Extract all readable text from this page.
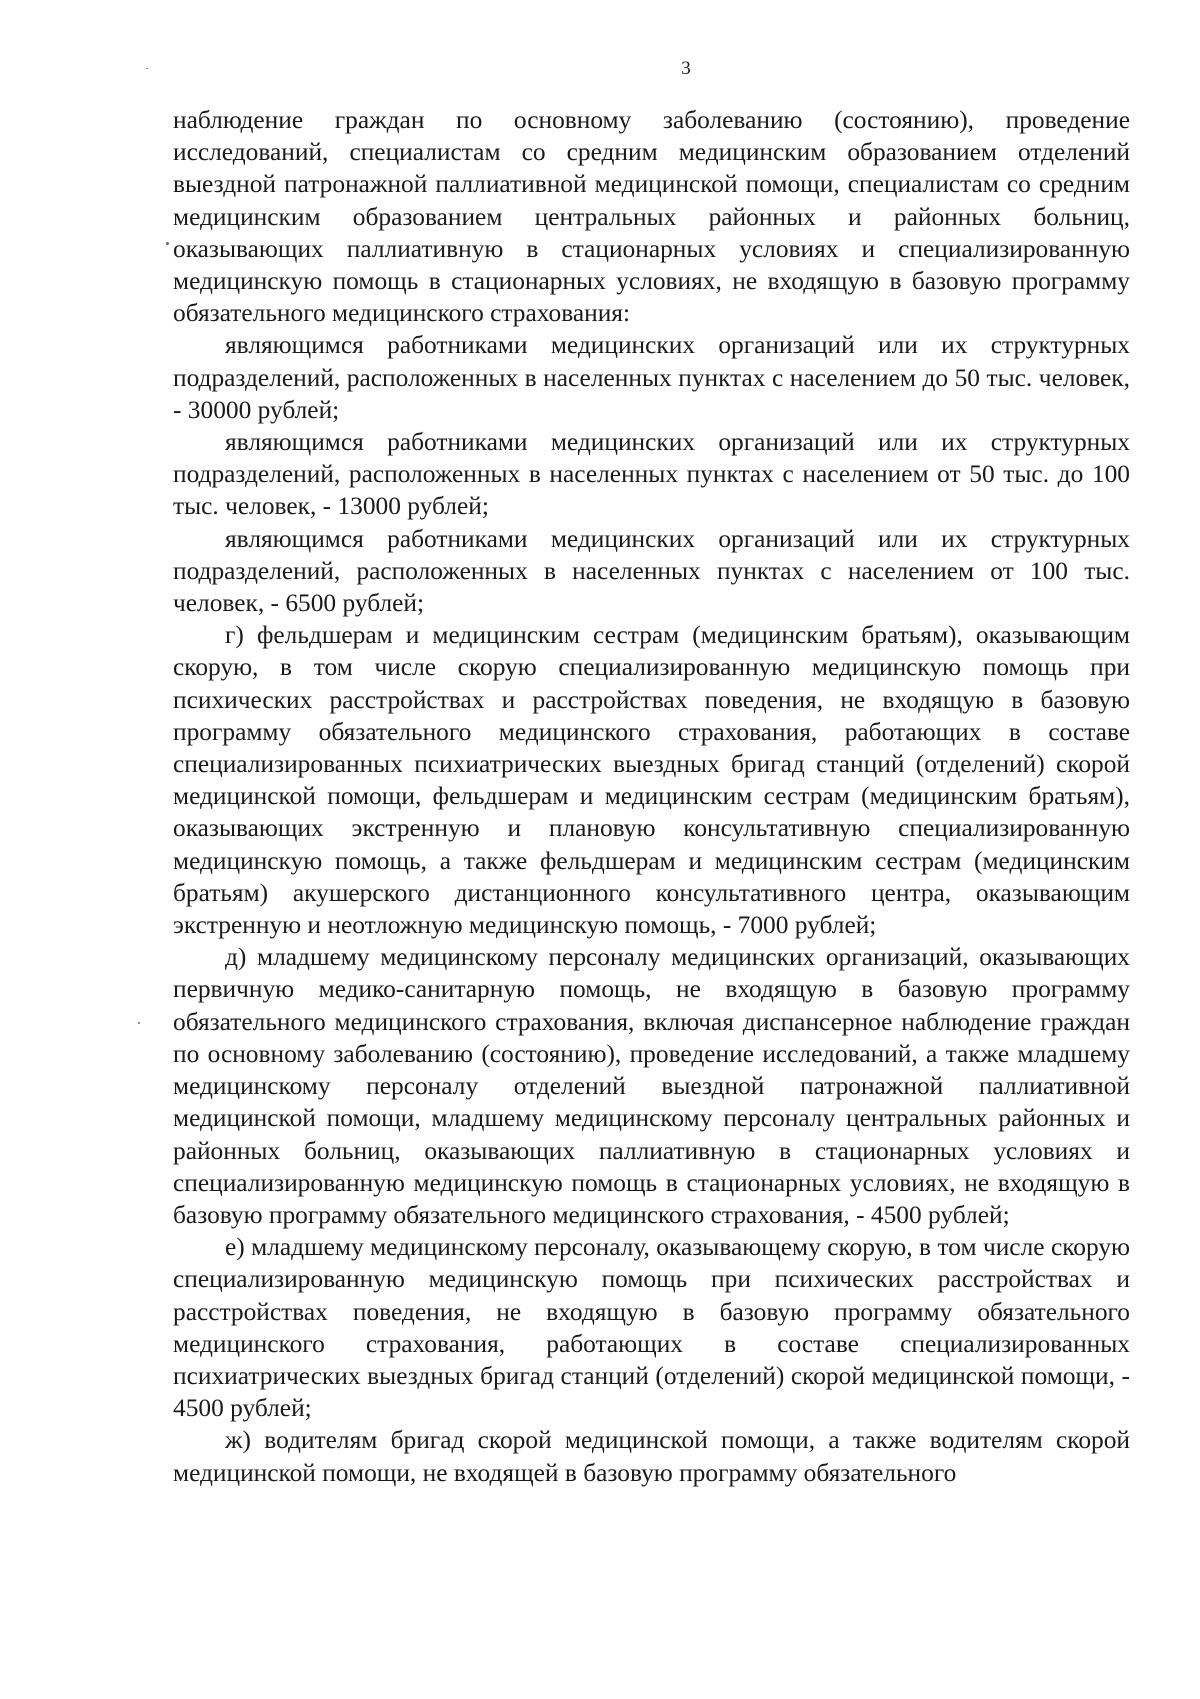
3

наблюдение граждан по основному заболеванию (состоянию), проведение исследований, специалистам со средним медицинским образованием отделений выездной патронажной паллиативной медицинской помощи, специалистам со средним медицинским образованием центральных районных и районных больниц, оказывающих паллиативную в стационарных условиях и специализированную медицинскую помощь в стационарных условиях, не входящую в базовую программу обязательного медицинского страхования:

являющимся работниками медицинских организаций или их структурных подразделений, расположенных в населенных пунктах с населением до 50 тыс. человек, - 30000 рублей;

являющимся работниками медицинских организаций или их структурных подразделений, расположенных в населенных пунктах с населением от 50 тыс. до 100 тыс. человек, - 13000 рублей;

являющимся работниками медицинских организаций или их структурных подразделений, расположенных в населенных пунктах с населением от 100 тыс. человек, - 6500 рублей;

г) фельдшерам и медицинским сестрам (медицинским братьям), оказывающим скорую, в том числе скорую специализированную медицинскую помощь при психических расстройствах и расстройствах поведения, не входящую в базовую программу обязательного медицинского страхования, работающих в составе специализированных психиатрических выездных бригад станций (отделений) скорой медицинской помощи, фельдшерам и медицинским сестрам (медицинским братьям), оказывающих экстренную и плановую консультативную специализированную медицинскую помощь, а также фельдшерам и медицинским сестрам (медицинским братьям) акушерского дистанционного консультативного центра, оказывающим экстренную и неотложную медицинскую помощь, - 7000 рублей;

д) младшему медицинскому персоналу медицинских организаций, оказывающих первичную медико-санитарную помощь, не входящую в базовую программу обязательного медицинского страхования, включая диспансерное наблюдение граждан по основному заболеванию (состоянию), проведение исследований, а также младшему медицинскому персоналу отделений выездной патронажной паллиативной медицинской помощи, младшему медицинскому персоналу центральных районных и районных больниц, оказывающих паллиативную в стационарных условиях и специализированную медицинскую помощь в стационарных условиях, не входящую в базовую программу обязательного медицинского страхования, - 4500 рублей;

е) младшему медицинскому персоналу, оказывающему скорую, в том числе скорую специализированную медицинскую помощь при психических расстройствах и расстройствах поведения, не входящую в базовую программу обязательного медицинского страхования, работающих в составе специализированных психиатрических выездных бригад станций (отделений) скорой медицинской помощи, - 4500 рублей;

ж) водителям бригад скорой медицинской помощи, а также водителям скорой медицинской помощи, не входящей в базовую программу обязательного
